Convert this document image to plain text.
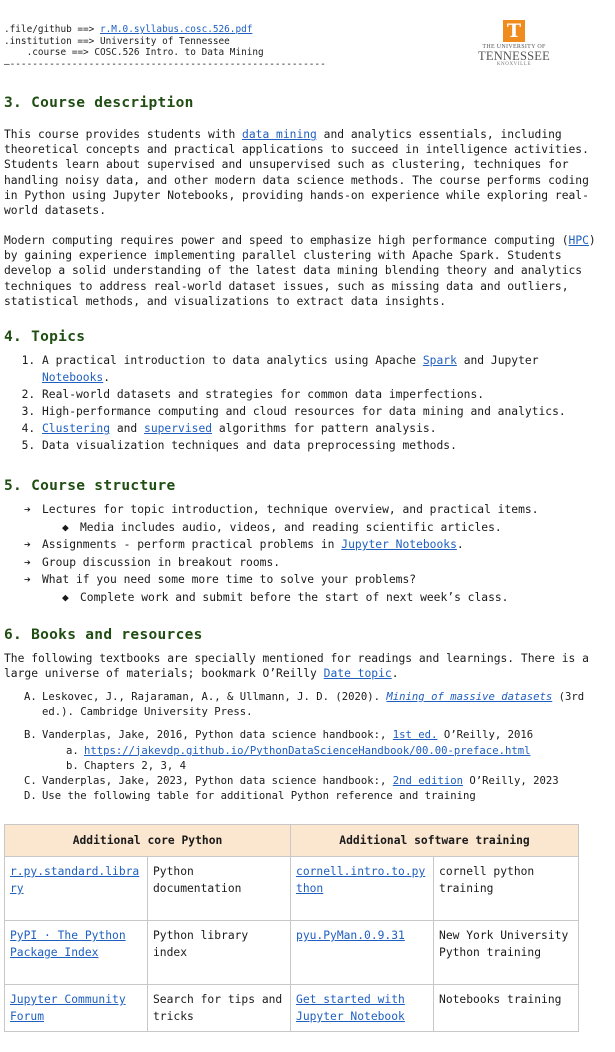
.file/github ==> r.M.0.syllabus.cosc.526.pdf
.institution ==> University of Tennessee
.course ==> COSC.526 Intro. to Data Mining
—--------------------------------------------------------
T
THE UNIVERSITY OF
TENNESSEE
KNOXVILLE
3. Course description

This course provides students with data mining and analytics essentials, including theoretical concepts and practical applications to succeed in intelligence activities. Students learn about supervised and unsupervised such as clustering, techniques for handling noisy data, and other modern data science methods. The course performs coding in Python using Jupyter Notebooks, providing hands-on experience while exploring real-world datasets.

Modern computing requires power and speed to emphasize high performance computing (HPC) by gaining experience implementing parallel clustering with Apache Spark. Students develop a solid understanding of the latest data mining blending theory and analytics techniques to address real-world dataset issues, such as missing data and outliers, statistical methods, and visualizations to extract data insights.

4. Topics
1. A practical introduction to data analytics using Apache Spark and Jupyter Notebooks.
2. Real-world datasets and strategies for common data imperfections.
3. High-performance computing and cloud resources for data mining and analytics.
4. Clustering and supervised algorithms for pattern analysis.
5. Data visualization techniques and data preprocessing methods.
5. Course structure
➔ Lectures for topic introduction, technique overview, and practical items.
◆ Media includes audio, videos, and reading scientific articles.
➔ Assignments - perform practical problems in Jupyter Notebooks.
➔ Group discussion in breakout rooms.
➔ What if you need some more time to solve your problems?
◆ Complete work and submit before the start of next week’s class.
6. Books and resources

The following textbooks are specially mentioned for readings and learnings. There is a large universe of materials; bookmark O’Reilly Date topic.

A. Leskovec, J., Rajaraman, A., & Ullmann, J. D. (2020). Mining of massive datasets (3rd ed.). Cambridge University Press.
B. Vanderplas, Jake, 2016, Python data science handbook:, 1st ed. O’Reilly, 2016
a. https://jakevdp.github.io/PythonDataScienceHandbook/00.00-preface.html
b. Chapters 2, 3, 4
C. Vanderplas, Jake, 2023, Python data science handbook:, 2nd edition O’Reilly, 2023
D. Use the following table for additional Python reference and training
Additional core Python		Additional software training	
r.py.standard.library	Python documentation	cornell.intro.to.python	cornell python training
PyPI · The Python Package Index	Python library index	pyu.PyMan.0.9.31	New York University Python training
Jupyter Community Forum	Search for tips and tricks	Get started with Jupyter Notebook	Notebooks training
